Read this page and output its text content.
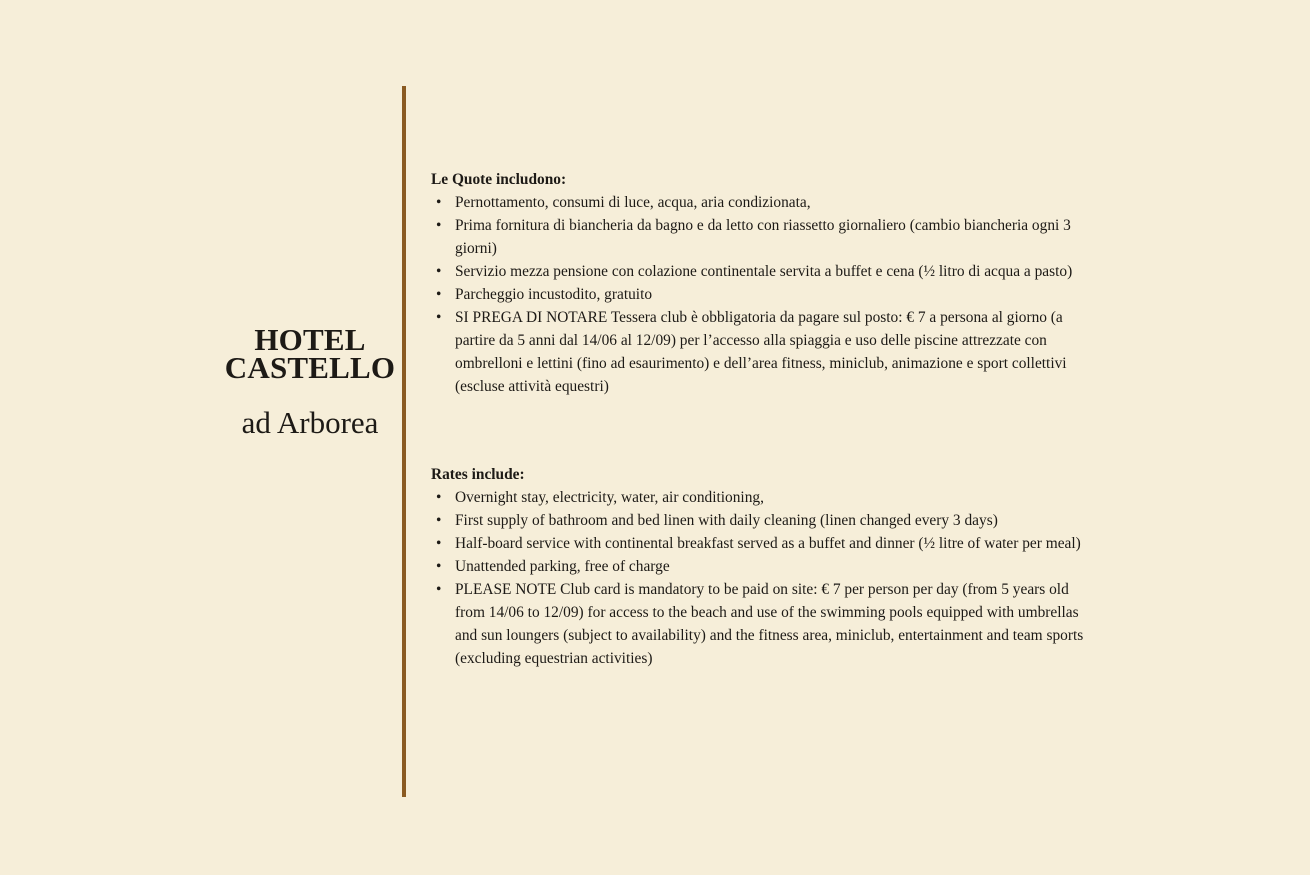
HOTEL CASTELLO
ad Arborea

Le Quote includono:

• Pernottamento, consumi di luce, acqua, aria condizionata,
• Prima fornitura di biancheria da bagno e da letto con riassetto giornaliero (cambio biancheria ogni 3 giorni)
• Servizio mezza pensione con colazione continentale servita a buffet e cena (½ litro di acqua a pasto)
• Parcheggio incustodito, gratuito
• SI PREGA DI NOTARE Tessera club è obbligatoria da pagare sul posto: € 7 a persona al giorno (a partire da 5 anni dal 14/06 al 12/09) per l’accesso alla spiaggia e uso delle piscine attrezzate con ombrelloni e lettini (fino ad esaurimento) e dell’area fitness, miniclub, animazione e sport collettivi (escluse attività equestri)

Rates include:

• Overnight stay, electricity, water, air conditioning,
• First supply of bathroom and bed linen with daily cleaning (linen changed every 3 days)
• Half-board service with continental breakfast served as a buffet and dinner (½ litre of water per meal)
• Unattended parking, free of charge
• PLEASE NOTE Club card is mandatory to be paid on site: € 7 per person per day (from 5 years old from 14/06 to 12/09) for access to the beach and use of the swimming pools equipped with umbrellas and sun loungers (subject to availability) and the fitness area, miniclub, entertainment and team sports (excluding equestrian activities)
